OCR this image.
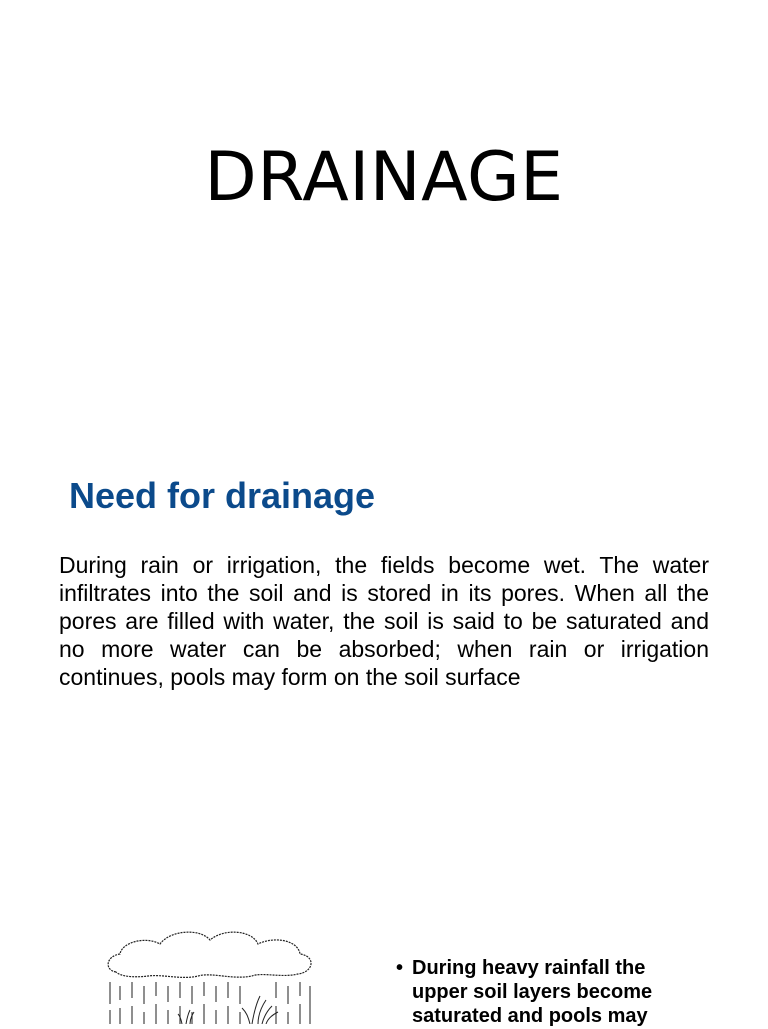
DRAINAGE
Need for drainage
During rain or irrigation, the fields become wet. The water infiltrates into the soil and is stored in its pores. When all the pores are filled with water, the soil is said to be saturated and no more water can be absorbed; when rain or irrigation continues, pools may form on the soil surface
• During heavy rainfall the upper soil layers become saturated and pools may
